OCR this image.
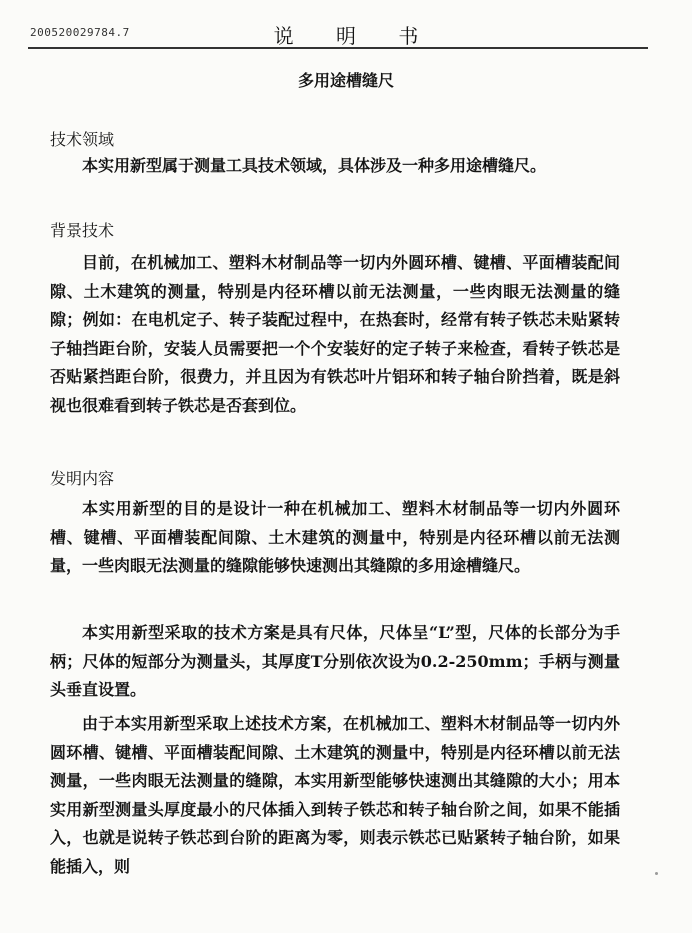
200520029784.7	说 明 书
多用途槽缝尺
技术领域

本实用新型属于测量工具技术领域，具体涉及一种多用途槽缝尺。

背景技术

目前，在机械加工、塑料木材制品等一切内外圆环槽、键槽、平面槽装配间隙、土木建筑的测量，特别是内径环槽以前无法测量，一些肉眼无法测量的缝隙；例如：在电机定子、转子装配过程中，在热套时，经常有转子铁芯未贴紧转子轴挡距台阶，安装人员需要把一个个安装好的定子转子来检查，看转子铁芯是否贴紧挡距台阶，很费力，并且因为有铁芯叶片铝环和转子轴台阶挡着，既是斜视也很难看到转子铁芯是否套到位。

发明内容

本实用新型的目的是设计一种在机械加工、塑料木材制品等一切内外圆环槽、键槽、平面槽装配间隙、土木建筑的测量中，特别是内径环槽以前无法测量，一些肉眼无法测量的缝隙能够快速测出其缝隙的多用途槽缝尺。

本实用新型采取的技术方案是具有尺体，尺体呈“L”型，尺体的长部分为手柄；尺体的短部分为测量头，其厚度T分别依次设为0.2-250mm；手柄与测量头垂直设置。

由于本实用新型采取上述技术方案，在机械加工、塑料木材制品等一切内外圆环槽、键槽、平面槽装配间隙、土木建筑的测量中，特别是内径环槽以前无法测量，一些肉眼无法测量的缝隙，本实用新型能够快速测出其缝隙的大小；用本实用新型测量头厚度最小的尺体插入到转子铁芯和转子轴台阶之间，如果不能插入，也就是说转子铁芯到台阶的距离为零，则表示铁芯已贴紧转子轴台阶，如果能插入，则
